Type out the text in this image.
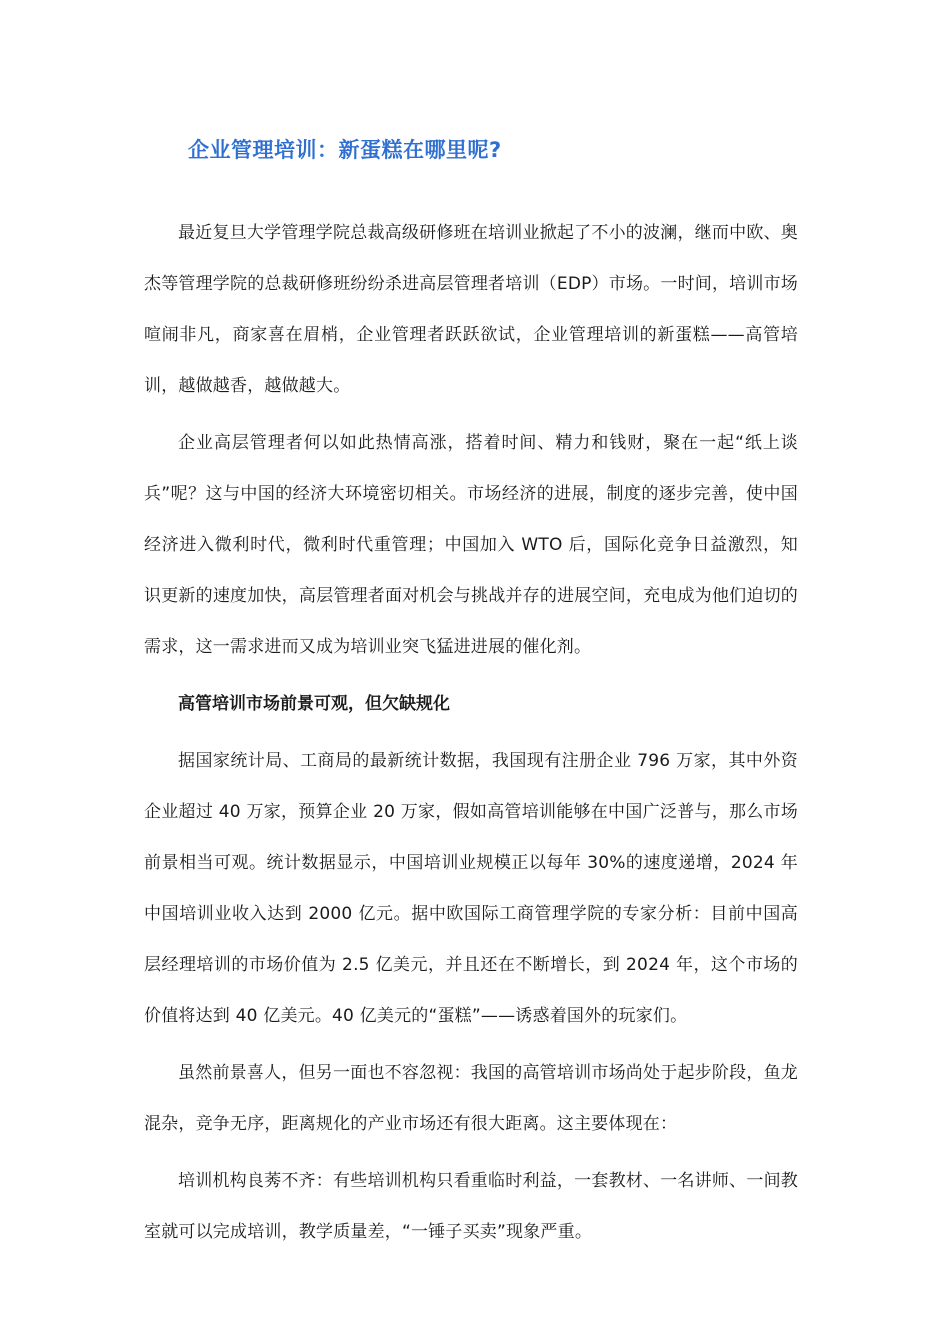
企业管理培训：新蛋糕在哪里呢?

最近复旦大学管理学院总裁高级研修班在培训业掀起了不小的波澜，继而中欧、奥杰等管理学院的总裁研修班纷纷杀进高层管理者培训（EDP）市场。一时间，培训市场喧闹非凡，商家喜在眉梢，企业管理者跃跃欲试，企业管理培训的新蛋糕——高管培训，越做越香，越做越大。

企业高层管理者何以如此热情高涨，搭着时间、精力和钱财，聚在一起“纸上谈兵”呢？这与中国的经济大环境密切相关。市场经济的进展，制度的逐步完善，使中国经济进入微利时代，微利时代重管理；中国加入 WTO 后，国际化竞争日益激烈，知识更新的速度加快，高层管理者面对机会与挑战并存的进展空间，充电成为他们迫切的需求，这一需求进而又成为培训业突飞猛进进展的催化剂。

高管培训市场前景可观，但欠缺规化

据国家统计局、工商局的最新统计数据，我国现有注册企业 796 万家，其中外资企业超过 40 万家，预算企业 20 万家，假如高管培训能够在中国广泛普与，那么市场前景相当可观。统计数据显示，中国培训业规模正以每年 30%的速度递增，2024 年中国培训业收入达到 2000 亿元。据中欧国际工商管理学院的专家分析：目前中国高层经理培训的市场价值为 2.5 亿美元，并且还在不断增长，到 2024 年，这个市场的价值将达到 40 亿美元。40 亿美元的“蛋糕”——诱惑着国外的玩家们。

虽然前景喜人，但另一面也不容忽视：我国的高管培训市场尚处于起步阶段，鱼龙混杂，竞争无序，距离规化的产业市场还有很大距离。这主要体现在：

培训机构良莠不齐：有些培训机构只看重临时利益，一套教材、一名讲师、一间教室就可以完成培训，教学质量差，“一锤子买卖”现象严重。
